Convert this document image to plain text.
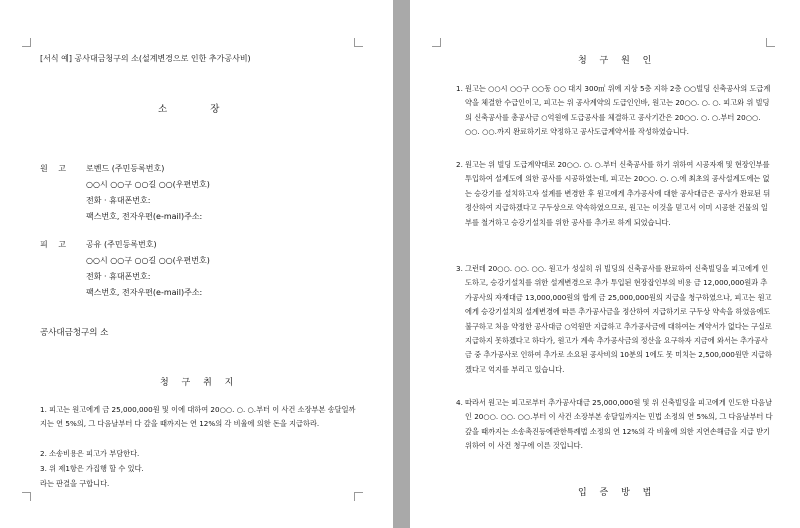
[서식 예] 공사대금청구의 소(설계변경으로 인한 추가공사비)
소 장
원 고 로벤드 (주민등록번호)
○○시 ○○구 ○○길 ○○(우편번호)
전화 · 휴대폰번호:
팩스번호, 전자우편(e-mail)주소:
피 고 공유 (주민등록번호)
○○시 ○○구 ○○길 ○○(우편번호)
전화 · 휴대폰번호:
팩스번호, 전자우편(e-mail)주소:
공사대금청구의 소
청 구 취 지
1. 피고는 원고에게 금 25,000,000원 및 이에 대하여 20○○. ○. ○.부터 이 사건 소장부본 송달일까지는 연 5%의, 그 다음날부터 다 갚을 때까지는 연 12%의 각 비율에 의한 돈을 지급하라.
2. 소송비용은 피고가 부담한다.
3. 위 제1항은 가집행 할 수 있다.
라는 판결을 구합니다.
청 구 원 인
1. 원고는 ○○시 ○○구 ○○동 ○○ 대지 300㎡ 위에 지상 5층 지하 2층 ○○빌딩 신축공사의 도급계약을 체결한 수급인이고, 피고는 위 공사계약의 도급인인바, 원고는 20○○. ○. ○. 피고와 위 빌딩의 신축공사를 총공사금 ○억원에 도급공사를 체결하고 공사기간은 20○○. ○. ○.부터 20○○. ○○. ○○.까지 완료하기로 약정하고 공사도급계약서를 작성하였습니다.
2. 원고는 위 빌딩 도급계약대로 20○○. ○. ○.부터 신축공사를 하기 위하여 시공자재 및 현장인부를 투입하여 설계도에 의한 공사를 시공하였는데, 피고는 20○○. ○. ○.에 최초의 공사설계도에는 없는 승강기를 설치하고자 설계를 변경한 후 원고에게 추가공사에 대한 공사대금은 공사가 완료된 뒤 정산하여 지급하겠다고 구두상으로 약속하였으므로, 원고는 이것을 믿고서 이미 시공한 건물의 일부를 철거하고 승강기설치를 위한 공사를 추가로 하게 되었습니다.
3. 그런데 20○○. ○○. ○○. 원고가 성실히 위 빌딩의 신축공사를 완료하여 신축빌딩을 피고에게 인도하고, 승강기설치를 위한 설계변경으로 추가 투입된 현장잡인부의 비용 금 12,000,000원과 추가공사의 자재대금 13,000,000원의 합계 금 25,000,000원의 지급을 청구하였으나, 피고는 원고에게 승강기설치의 설계변경에 따른 추가공사금을 정산하여 지급하기로 구두상 약속을 하였음에도 불구하고 처음 약정한 공사대금 ○억원만 지급하고 추가공사금에 대하여는 계약서가 없다는 구실로 지급하지 못하겠다고 하다가, 원고가 계속 추가공사금의 정산을 요구하자 지금에 와서는 추가공사금 중 추가공사로 인하여 추가로 소요된 공사비의 10분의 1에도 못 미치는 2,500,000원만 지급하겠다고 억지를 부리고 있습니다.
4. 따라서 원고는 피고로부터 추가공사대금 25,000,000원 및 위 신축빌딩을 피고에게 인도한 다음날인 20○○. ○○. ○○.부터 이 사건 소장부본 송달일까지는 민법 소정의 연 5%의, 그 다음날부터 다 갚을 때까지는 소송촉진등에관한특례법 소정의 연 12%의 각 비율에 의한 지연손해금을 지급 받기 위하여 이 사건 청구에 이른 것입니다.
입 증 방 법
